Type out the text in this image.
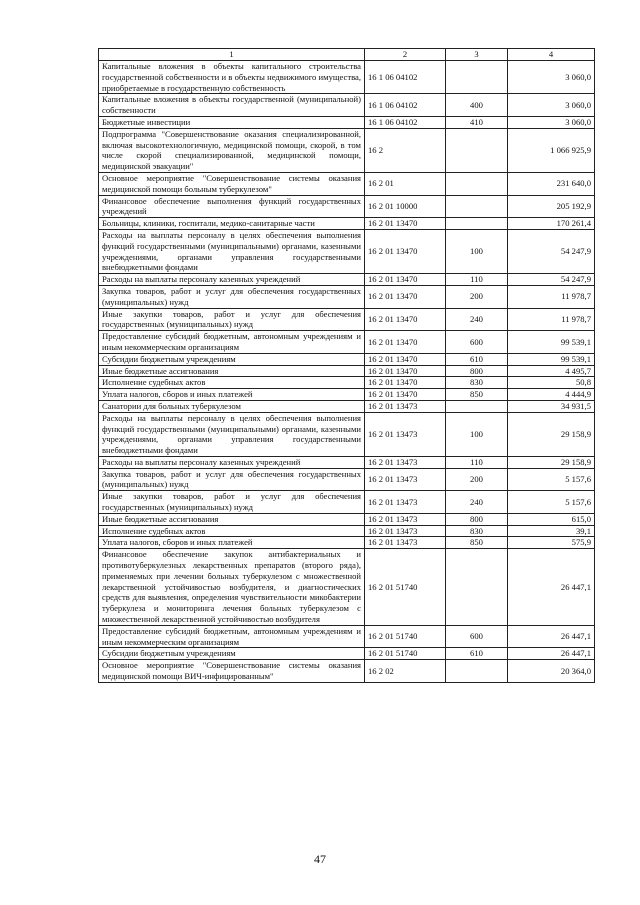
1	2	3	4
Капитальные вложения в объекты капитального строительства государственной собственности и в объекты недвижимого имущества, приобретаемые в государственную собственность	16 1 06 04102		3 060,0
Капитальные вложения в объекты государственной (муниципальной) собственности	16 1 06 04102	400	3 060,0
Бюджетные инвестиции	16 1 06 04102	410	3 060,0
Подпрограмма "Совершенствование оказания специализированной, включая высокотехнологичную, медицинской помощи, скорой, в том числе скорой специализированной, медицинской помощи, медицинской эвакуации"	16 2		1 066 925,9
Основное мероприятие "Совершенствование системы оказания медицинской помощи больным туберкулезом"	16 2 01		231 640,0
Финансовое обеспечение выполнения функций государственных учреждений	16 2 01 10000		205 192,9
Больницы, клиники, госпитали, медико-санитарные части	16 2 01 13470		170 261,4
Расходы на выплаты персоналу в целях обеспечения выполнения функций государственными (муниципальными) органами, казенными учреждениями, органами управления государственными внебюджетными фондами	16 2 01 13470	100	54 247,9
Расходы на выплаты персоналу казенных учреждений	16 2 01 13470	110	54 247,9
Закупка товаров, работ и услуг для обеспечения государственных (муниципальных) нужд	16 2 01 13470	200	11 978,7
Иные закупки товаров, работ и услуг для обеспечения государственных (муниципальных) нужд	16 2 01 13470	240	11 978,7
Предоставление субсидий бюджетным, автономным учреждениям и иным некоммерческим организациям	16 2 01 13470	600	99 539,1
Субсидии бюджетным учреждениям	16 2 01 13470	610	99 539,1
Иные бюджетные ассигнования	16 2 01 13470	800	4 495,7
Исполнение судебных актов	16 2 01 13470	830	50,8
Уплата налогов, сборов и иных платежей	16 2 01 13470	850	4 444,9
Санатории для больных туберкулезом	16 2 01 13473		34 931,5
Расходы на выплаты персоналу в целях обеспечения выполнения функций государственными (муниципальными) органами, казенными учреждениями, органами управления государственными внебюджетными фондами	16 2 01 13473	100	29 158,9
Расходы на выплаты персоналу казенных учреждений	16 2 01 13473	110	29 158,9
Закупка товаров, работ и услуг для обеспечения государственных (муниципальных) нужд	16 2 01 13473	200	5 157,6
Иные закупки товаров, работ и услуг для обеспечения государственных (муниципальных) нужд	16 2 01 13473	240	5 157,6
Иные бюджетные ассигнования	16 2 01 13473	800	615,0
Исполнение судебных актов	16 2 01 13473	830	39,1
Уплата налогов, сборов и иных платежей	16 2 01 13473	850	575,9
Финансовое обеспечение закупок антибактериальных и противотуберкулезных лекарственных препаратов (второго ряда), применяемых при лечении больных туберкулезом с множественной лекарственной устойчивостью возбудителя, и диагностических средств для выявления, определения чувствительности микобактерии туберкулеза и мониторинга лечения больных туберкулезом с множественной лекарственной устойчивостью возбудителя	16 2 01 51740		26 447,1
Предоставление субсидий бюджетным, автономным учреждениям и иным некоммерческим организациям	16 2 01 51740	600	26 447,1
Субсидии бюджетным учреждениям	16 2 01 51740	610	26 447,1
Основное мероприятие "Совершенствование системы оказания медицинской помощи ВИЧ-инфицированным"	16 2 02		20 364,0
47
